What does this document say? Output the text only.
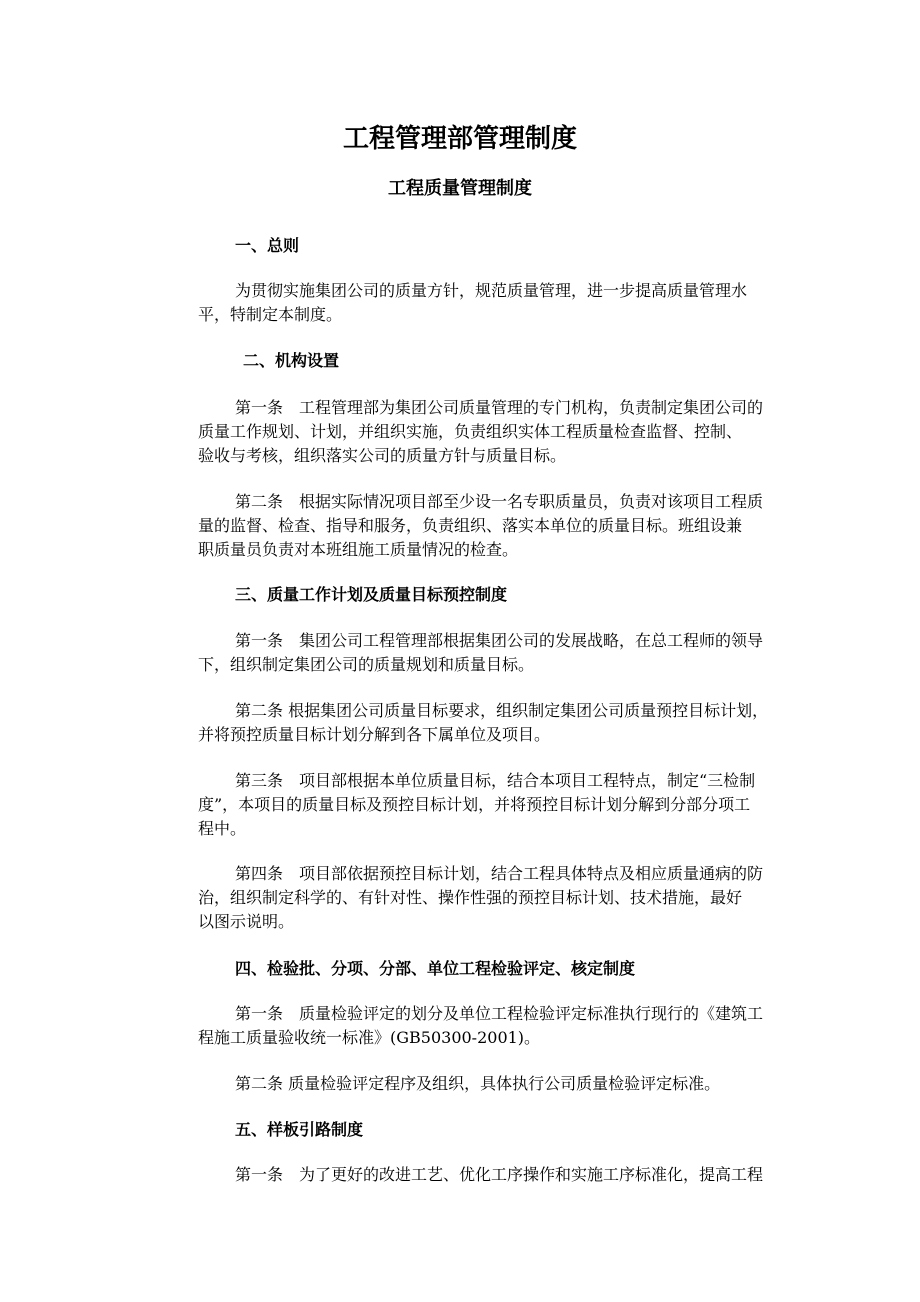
工程管理部管理制度
工程质量管理制度
一、总则
为贯彻实施集团公司的质量方针，规范质量管理，进一步提高质量管理水
平，特制定本制度。
二、机构设置
第一条　工程管理部为集团公司质量管理的专门机构，负责制定集团公司的
质量工作规划、计划，并组织实施，负责组织实体工程质量检查监督、控制、
验收与考核，组织落实公司的质量方针与质量目标。
第二条　根据实际情况项目部至少设一名专职质量员，负责对该项目工程质
量的监督、检查、指导和服务，负责组织、落实本单位的质量目标。班组设兼
职质量员负责对本班组施工质量情况的检查。
三、质量工作计划及质量目标预控制度
第一条　集团公司工程管理部根据集团公司的发展战略，在总工程师的领导
下，组织制定集团公司的质量规划和质量目标。
第二条 根据集团公司质量目标要求，组织制定集团公司质量预控目标计划，
并将预控质量目标计划分解到各下属单位及项目。
第三条　项目部根据本单位质量目标，结合本项目工程特点，制定“三检制
度”，本项目的质量目标及预控目标计划，并将预控目标计划分解到分部分项工
程中。
第四条　项目部依据预控目标计划，结合工程具体特点及相应质量通病的防
治，组织制定科学的、有针对性、操作性强的预控目标计划、技术措施，最好
以图示说明。
四、检验批、分项、分部、单位工程检验评定、核定制度
第一条　质量检验评定的划分及单位工程检验评定标准执行现行的《建筑工
程施工质量验收统一标准》(GB50300-2001)。
第二条 质量检验评定程序及组织，具体执行公司质量检验评定标准。
五、样板引路制度
第一条　为了更好的改进工艺、优化工序操作和实施工序标准化，提高工程
